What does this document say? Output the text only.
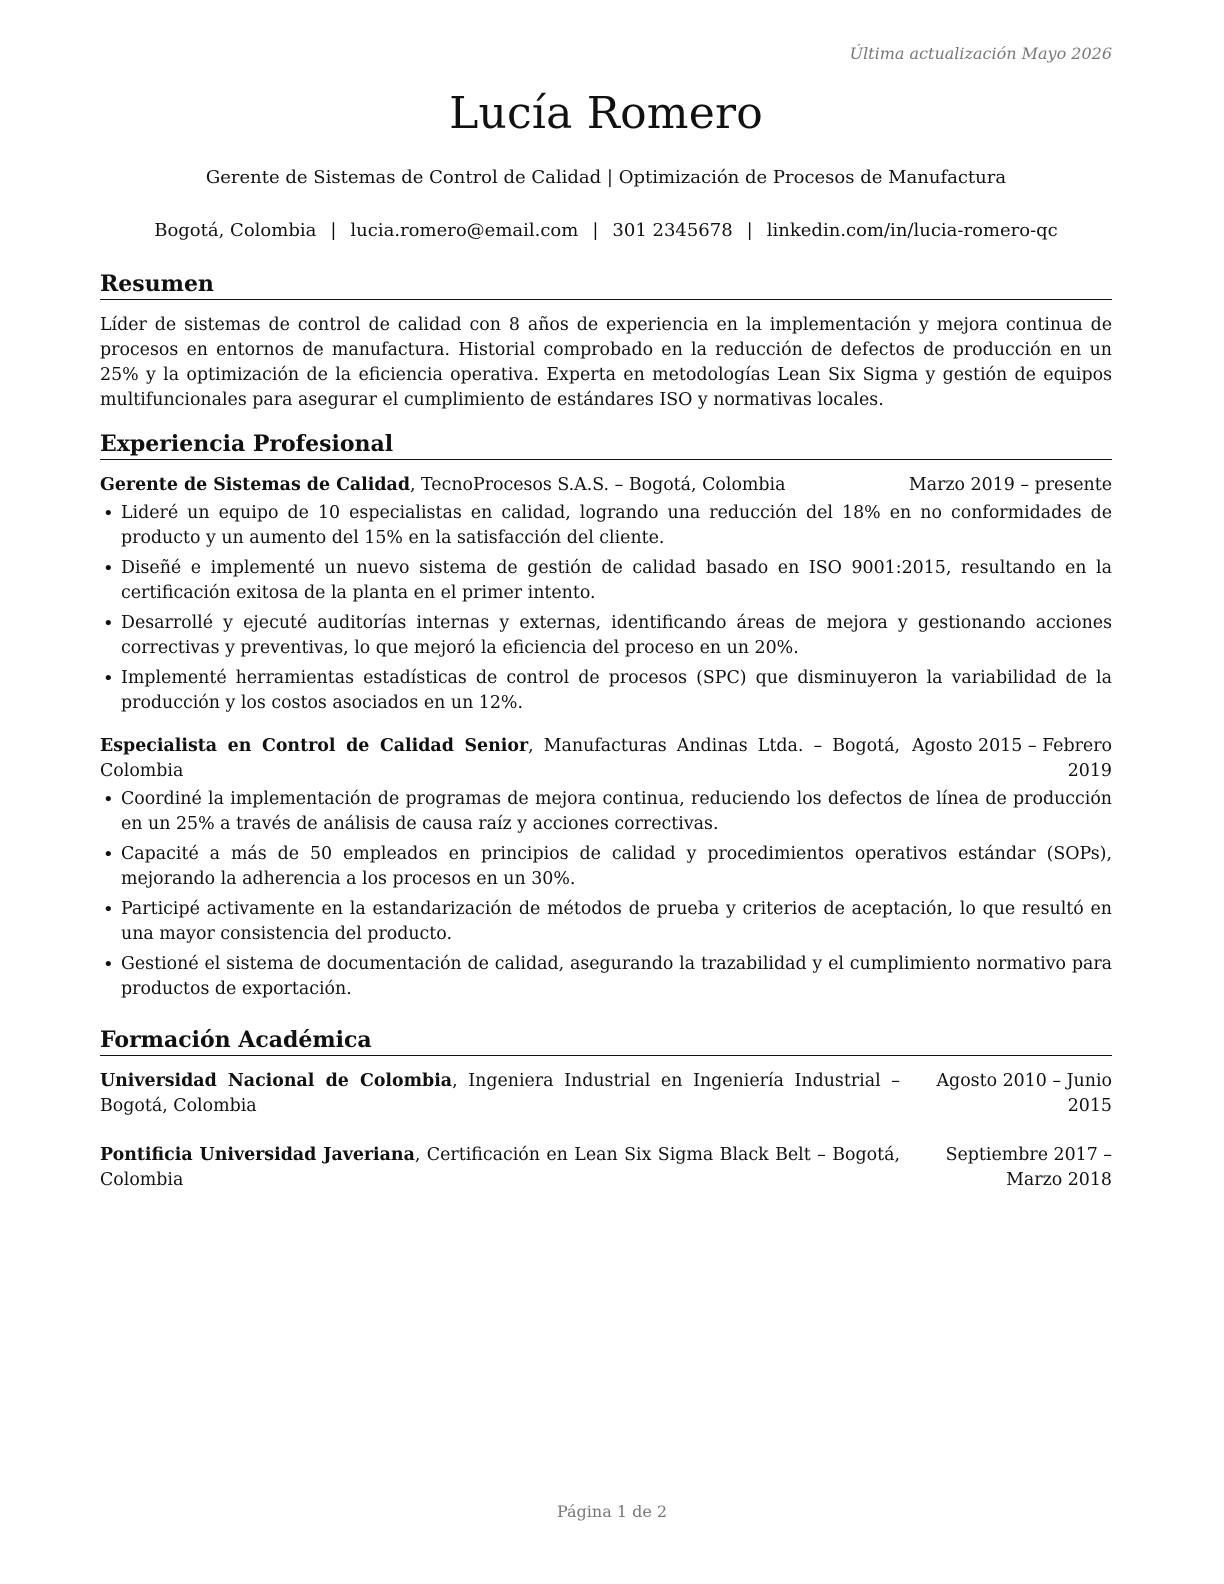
Última actualización Mayo 2026
Lucía Romero
Gerente de Sistemas de Control de Calidad | Optimización de Procesos de Manufactura
Bogotá, Colombia | lucia.romero@email.com | 301 2345678 | linkedin.com/in/lucia-romero-qc
Resumen
Líder de sistemas de control de calidad con 8 años de experiencia en la implementación y mejora continua de procesos en entornos de manufactura. Historial comprobado en la reducción de defectos de producción en un 25% y la optimización de la eficiencia operativa. Experta en metodologías Lean Six Sigma y gestión de equipos multifuncionales para asegurar el cumplimiento de estándares ISO y normativas locales.
Experiencia Profesional
Gerente de Sistemas de Calidad, TecnoProcesos S.A.S. – Bogotá, Colombia	Marzo 2019 – presente
• Lideré un equipo de 10 especialistas en calidad, logrando una reducción del 18% en no conformidades de producto y un aumento del 15% en la satisfacción del cliente.
• Diseñé e implementé un nuevo sistema de gestión de calidad basado en ISO 9001:2015, resultando en la certificación exitosa de la planta en el primer intento.
• Desarrollé y ejecuté auditorías internas y externas, identificando áreas de mejora y gestionando acciones correctivas y preventivas, lo que mejoró la eficiencia del proceso en un 20%.
• Implementé herramientas estadísticas de control de procesos (SPC) que disminuyeron la variabilidad de la producción y los costos asociados en un 12%.
Especialista en Control de Calidad Senior, Manufacturas Andinas Ltda. – Bogotá, Colombia
Agosto 2015 – Febrero 2019
• Coordiné la implementación de programas de mejora continua, reduciendo los defectos de línea de producción en un 25% a través de análisis de causa raíz y acciones correctivas.
• Capacité a más de 50 empleados en principios de calidad y procedimientos operativos estándar (SOPs), mejorando la adherencia a los procesos en un 30%.
• Participé activamente en la estandarización de métodos de prueba y criterios de aceptación, lo que resultó en una mayor consistencia del producto.
• Gestioné el sistema de documentación de calidad, asegurando la trazabilidad y el cumplimiento normativo para productos de exportación.
Formación Académica
Universidad Nacional de Colombia, Ingeniera Industrial en Ingeniería Industrial – Bogotá, Colombia
Agosto 2010 – Junio 2015
Pontificia Universidad Javeriana, Certificación en Lean Six Sigma Black Belt – Bogotá, Colombia
Septiembre 2017 – Marzo 2018
Página 1 de 2
